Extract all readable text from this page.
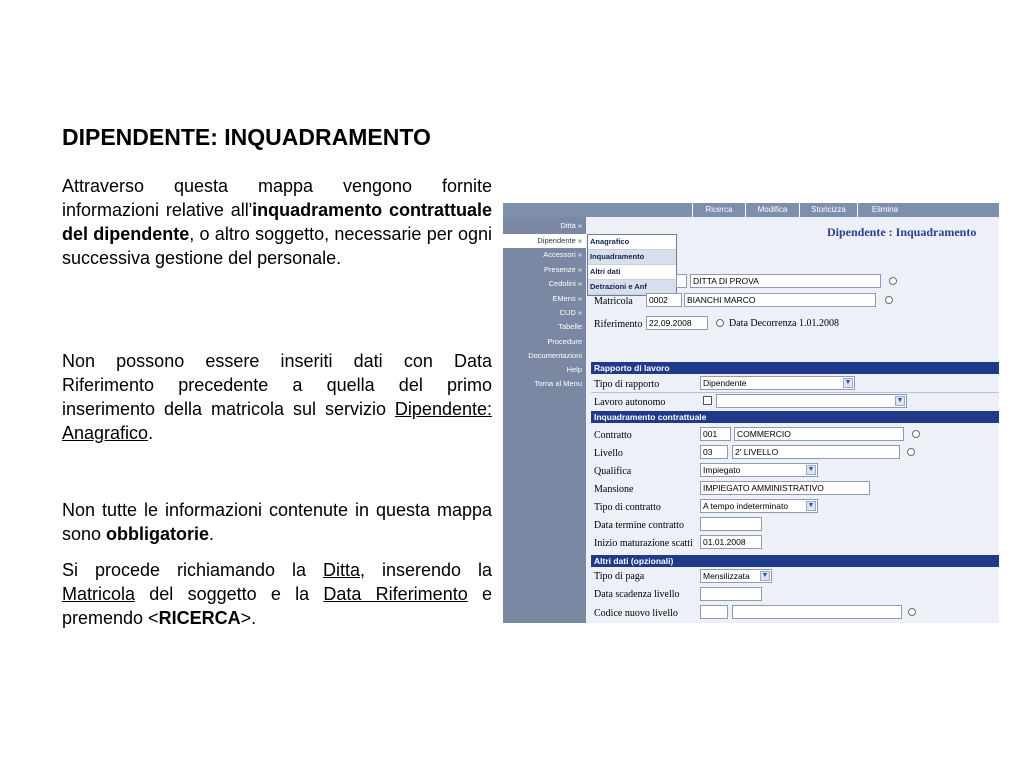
DIPENDENTE: INQUADRAMENTO

Attraverso questa mappa vengono fornite informazioni relative all'inquadramento contrattuale del dipendente, o altro soggetto, necessarie per ogni successiva gestione del personale.

Non possono essere inseriti dati con Data Riferimento precedente a quella del primo inserimento della matricola sul servizio Dipendente: Anagrafico.

Non tutte le informazioni contenute in questa mappa sono obbligatorie.

Si procede richiamando la Ditta, inserendo la Matricola del soggetto e la Data Riferimento e premendo <RICERCA>.

Ricerca	Modifica	Storicizza	Elimina
Ditta »
Dipendente »
Accessori »
Presenze »
Cedolini »
EMens »
CUD »
Tabelle
Procedure
Documentazioni
Help
Torna al Menu
Dipendente : Inquadramento
Anagrafico
Inquadramento
Altri dati
Detrazioni e Anf
DITTA DI PROVA
Matricola	0002	BIANCHI MARCO
Riferimento 22.09.2008	Data Decorrenza 1.01.2008
Rapporto di lavoro
Tipo di rapporto	Dipendente	▼
Lavoro autonomo	▼
Inquadramento contrattuale
Contratto	001	COMMERCIO
Livello	03	2' LIVELLO
Qualifica	Impiegato	▼
Mansione	IMPIEGATO AMMINISTRATIVO
Tipo di contratto	A tempo indeterminato	▼
Data termine contratto
Inizio maturazione scatti	01.01.2008
Altri dati (opzionali)
Tipo di paga	Mensilizzata ▼
Data scadenza livello
Codice nuovo livello
